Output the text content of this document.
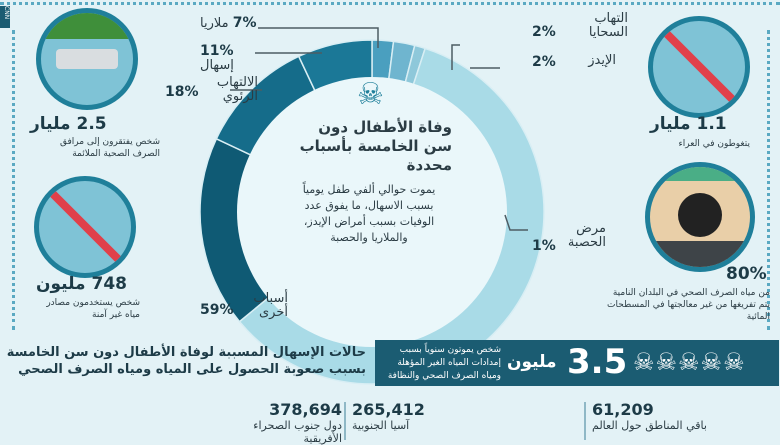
CNN
☠
وفاة الأطفال دون سن الخامسة بأسباب محددة
يموت حوالي ألفي طفل يومياً بسبب الاسهال، ما يفوق عدد الوفيات بسبب أمراض الإيدز، والملاريا والحصبة
7% ملاريا
11% إسهال
18%
الالتهاب الرئوي
التهاب السحايا
2%
الإيدز
2%
مرض الحصبة
1%
أسباب أخرى
59%
2.5 مليار
شخص يفتقرون إلى مرافق الصرف الصحية الملائمة
748 مليون
شخص يستخدمون مصادر مياه غير آمنة
1.1 مليار
يتغوطون في العراء
80%
من مياه الصرف الصحي في البلدان النامية يتم تفريغها من غير معالجتها في المسطحات المائية
شخص يموتون سنوياً بسبب إمدادات المياه الغير المؤهلة ومياه الصرف الصحي والنظافة
مليون 3.5 ☠☠☠☠☠
حالات الإسهال المسببة لوفاة الأطفال دون سن الخامسة بسبب صعوبة الحصول على المياه ومياه الصرف الصحي
378,694
دول جنوب الصحراء الأفريقية
265,412
آسيا الجنوبية
61,209
باقي المناطق حول العالم
